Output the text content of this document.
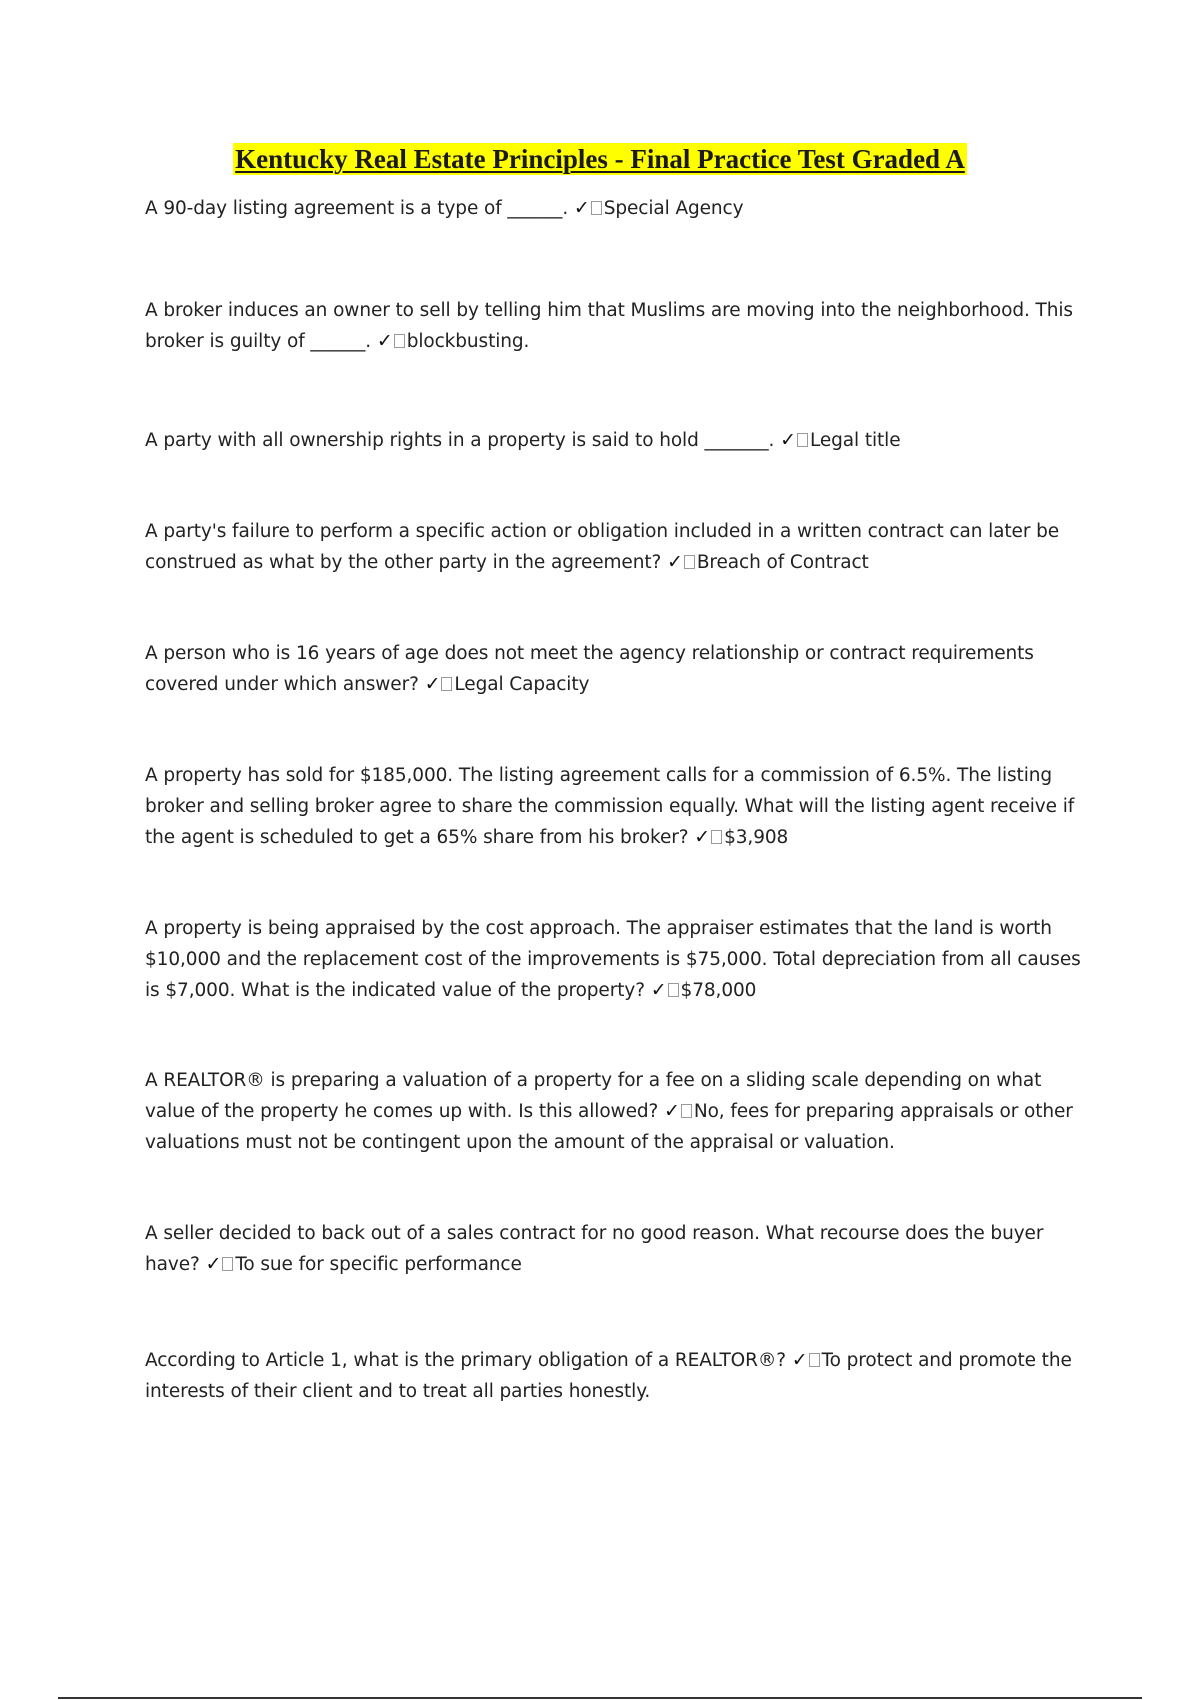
Kentucky Real Estate Principles - Final Practice Test Graded A
A 90-day listing agreement is a type of ______. ✓ Special Agency
A broker induces an owner to sell by telling him that Muslims are moving into the neighborhood. This broker is guilty of ______. ✓ blockbusting.
A party with all ownership rights in a property is said to hold _______. ✓ Legal title
A party's failure to perform a specific action or obligation included in a written contract can later be construed as what by the other party in the agreement? ✓ Breach of Contract
A person who is 16 years of age does not meet the agency relationship or contract requirements covered under which answer? ✓ Legal Capacity
A property has sold for $185,000. The listing agreement calls for a commission of 6.5%. The listing broker and selling broker agree to share the commission equally. What will the listing agent receive if the agent is scheduled to get a 65% share from his broker? ✓ $3,908
A property is being appraised by the cost approach. The appraiser estimates that the land is worth $10,000 and the replacement cost of the improvements is $75,000. Total depreciation from all causes is $7,000. What is the indicated value of the property? ✓ $78,000
A REALTOR® is preparing a valuation of a property for a fee on a sliding scale depending on what value of the property he comes up with. Is this allowed? ✓ No, fees for preparing appraisals or other valuations must not be contingent upon the amount of the appraisal or valuation.
A seller decided to back out of a sales contract for no good reason. What recourse does the buyer have? ✓ To sue for specific performance
According to Article 1, what is the primary obligation of a REALTOR®? ✓ To protect and promote the interests of their client and to treat all parties honestly.
